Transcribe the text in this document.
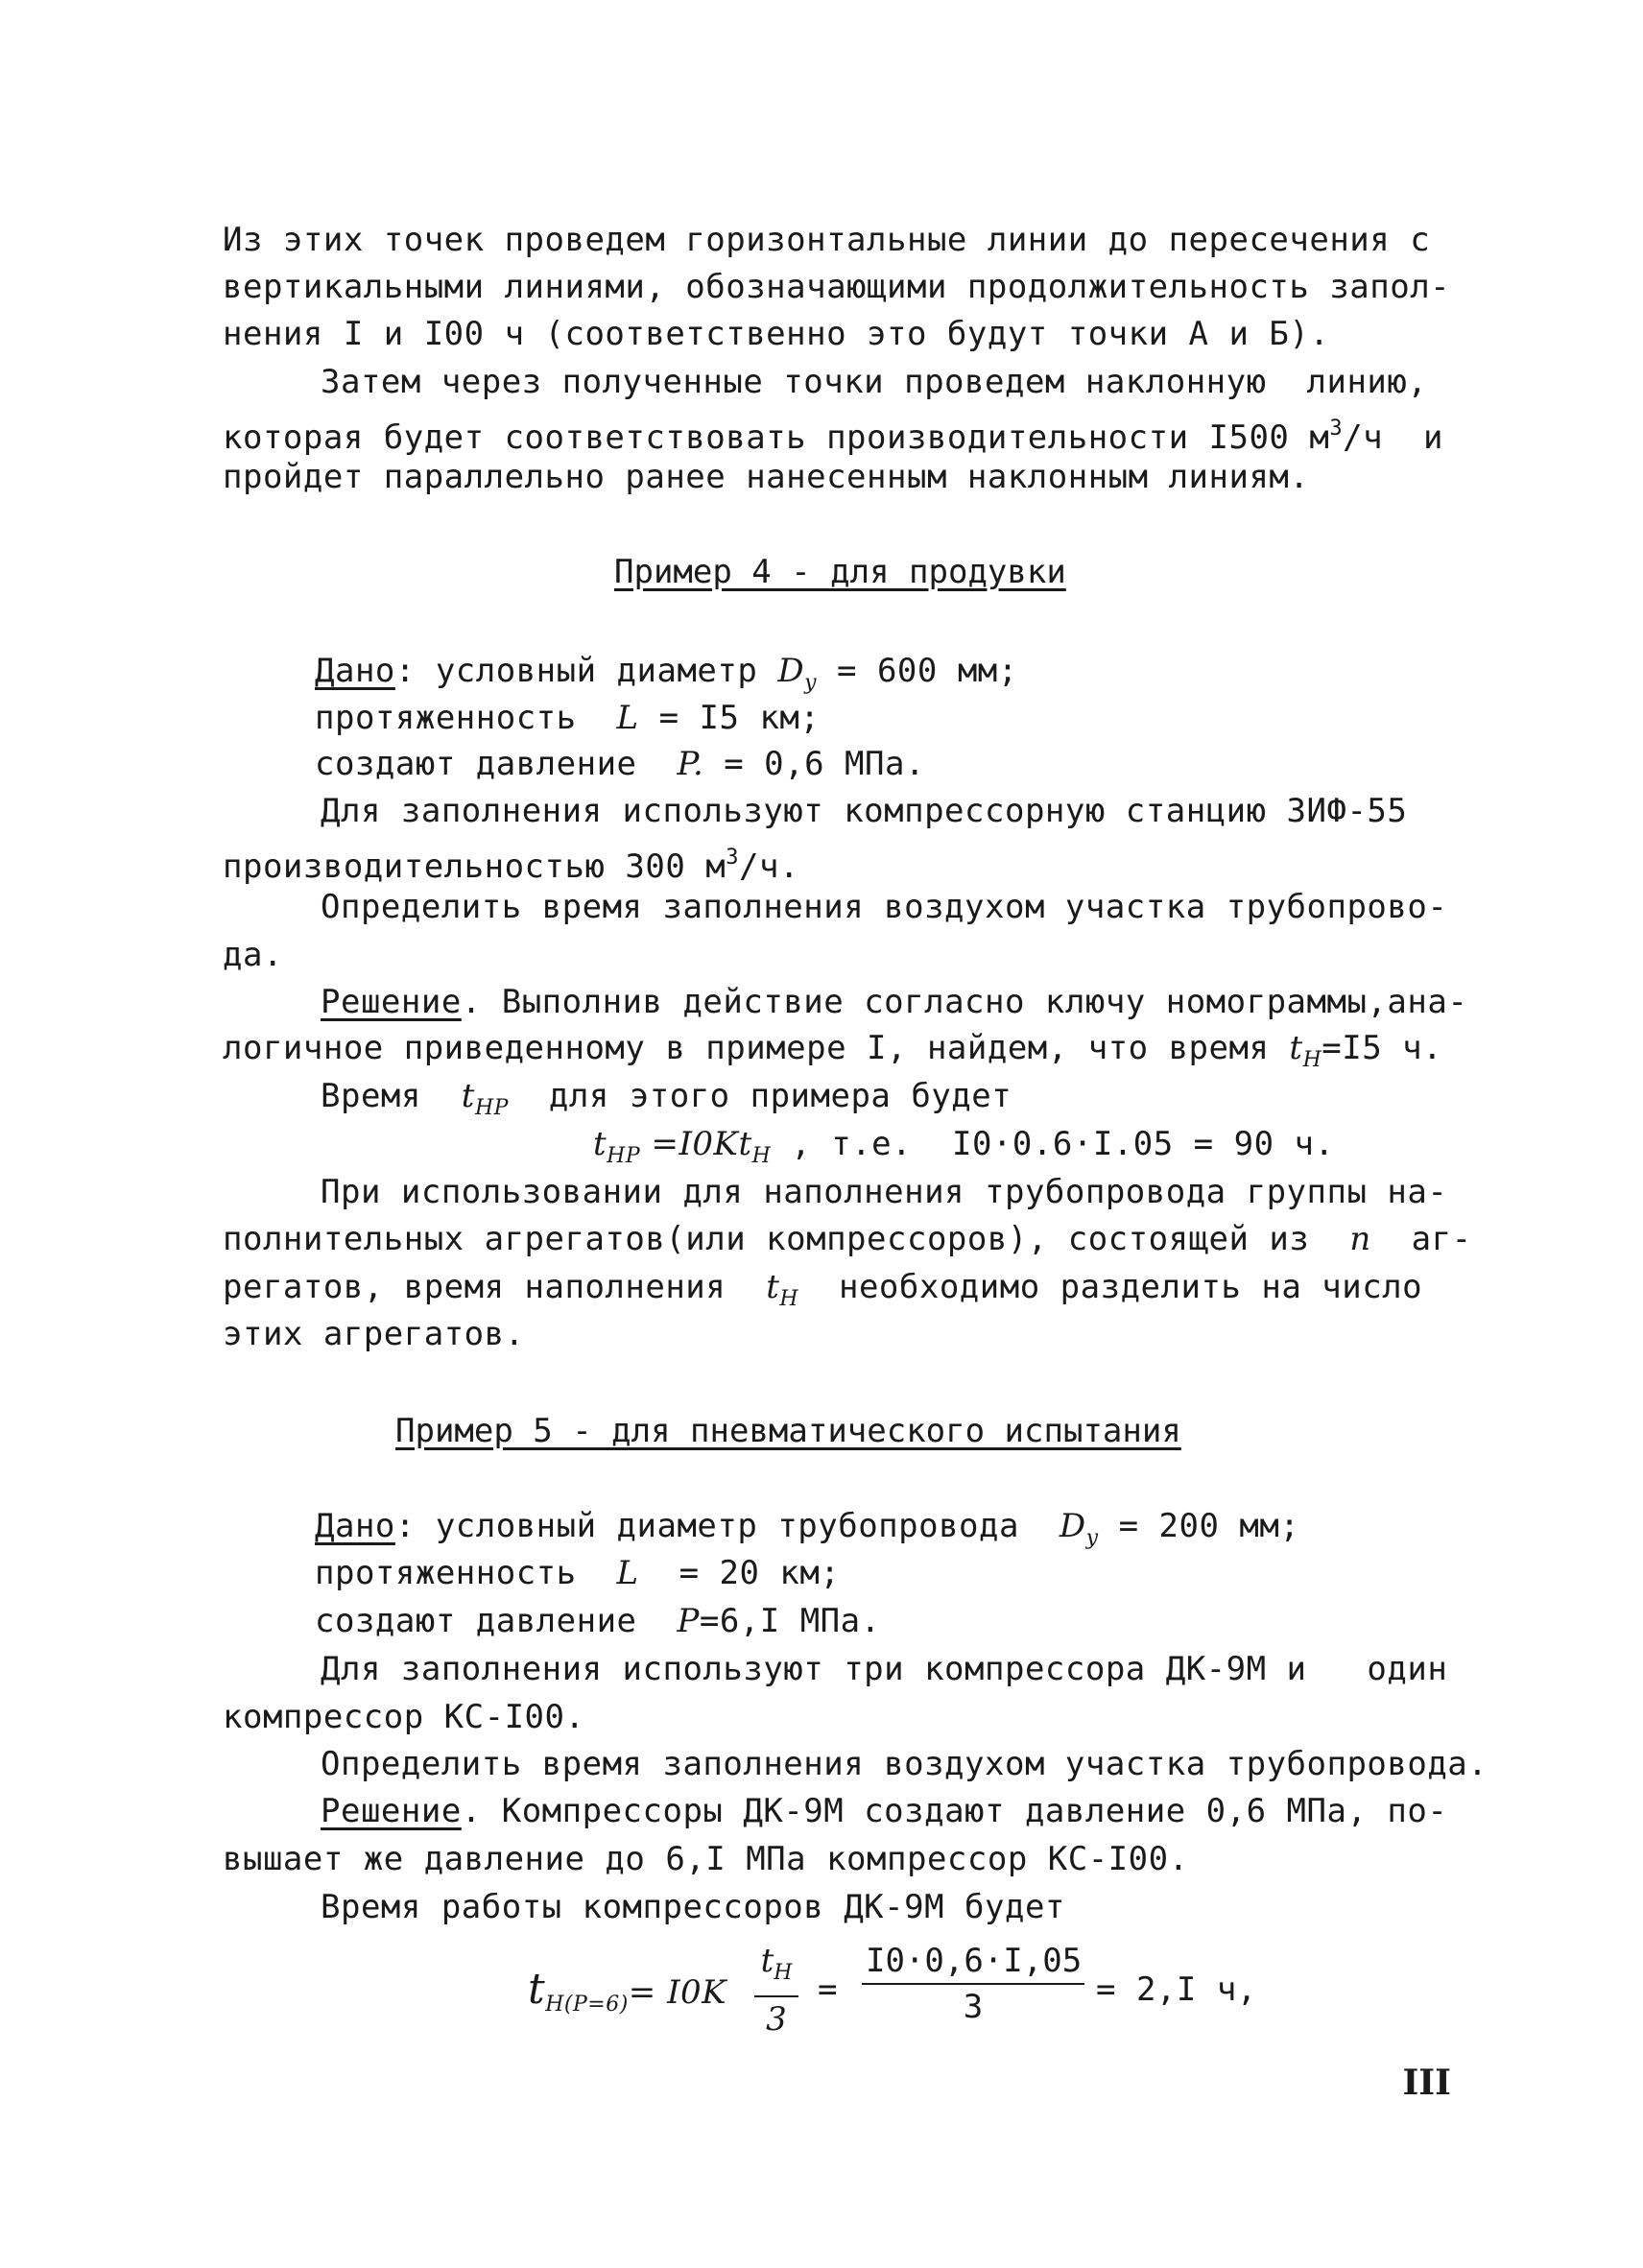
Из этих точек проведем горизонтальные линии до пересечения с
вертикальными линиями, обозначающими продолжительность запол-
нения I и I00 ч (соответственно это будут точки А и Б).
Затем через полученные точки проведем наклонную  линию,
которая будет соответствовать производительности I500 $м^3/ч$  и
пройдет параллельно ранее нанесенным наклонным линиям.
Пример 4 - для продувки
Дано: условный диаметр $D_y = 600$ мм;
протяженность  L = I5 км;
создают давление  P. = 0,6 МПа.
Для заполнения используют компрессорную станцию ЗИФ-55
производительностью 300 $м^3/ч$.
Определить время заполнения воздухом участка трубопрово-
да.
Решение. Выполнив действие согласно ключу номограммы,ана-
логичное приведенному в примере I, найдем, что время $t_H=I5$ ч.
Время  $t_{HP}$  для этого примера будет
$t_{HP} =I0Kt_H$ , т.е.  I0·0.6·I.05 = 90 ч.
При использовании для наполнения трубопровода группы на-
полнительных агрегатов(или компрессоров), состоящей из  n  аг-
регатов, время наполнения  $t_H$  необходимо разделить на число
этих агрегатов.
Пример 5 - для пневматического испытания
Дано: условный диаметр трубопровода  $D_y = 200$ мм;
протяженность  L  = 20 км;
создают давление  P=6,I МПа.
Для заполнения используют три компрессора ДК-9М и   один
компрессор КС-I00.
Определить время заполнения воздухом участка трубопровода.
Решение. Компрессоры ДК-9М создают давление 0,6 МПа, по-
вышает же давление до 6,I МПа компрессор КС-I00.
Время работы компрессоров ДК-9М будет
$t_{H(P=6)}= I0K \frac{t_H}{3} = \frac{I0\cdot 0,6\cdot I,05}{3} = 2,I$ ч,
III
